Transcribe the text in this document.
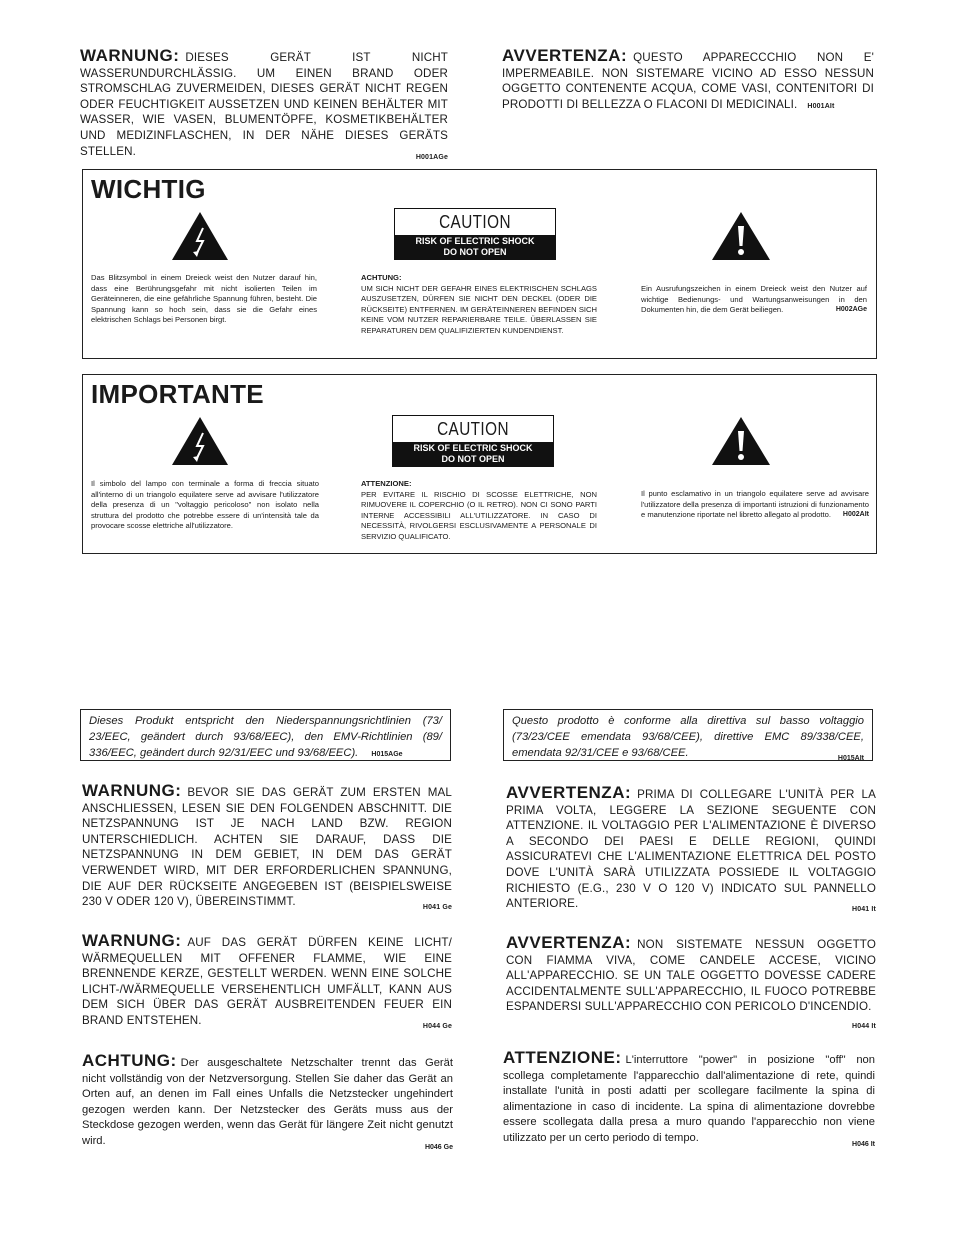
WARNUNG: DIESES GERÄT IST NICHT WASSERUNDURCHLÄSSIG. UM EINEN BRAND ODER STROMSCHLAG ZUVERMEIDEN, DIESES GERÄT NICHT REGEN ODER FEUCHTIGKEIT AUSSETZEN UND KEINEN BEHÄLTER MIT WASSER, WIE VASEN, BLUMENTÖPFE, KOSMETIKBEHÄLTER UND MEDIZINFLASCHEN, IN DER NÄHE DIESES GERÄTS STELLEN.	H001AGe
AVVERTENZA: QUESTO APPARECCCHIO NON E' IMPERMEABILE. NON SISTEMARE VICINO AD ESSO NESSUN OGGETTO CONTENENTE ACQUA, COME VASI, CONTENITORI DI PRODOTTI DI BELLEZZA O FLACONI DI MEDICINALI. H001AIt
WICHTIG
CAUTION
RISK OF ELECTRIC SHOCK
DO NOT OPEN
Das Blitzsymbol in einem Dreieck weist den Nutzer darauf hin, dass eine Berührungsgefahr mit nicht isolierten Teilen im Geräteinneren, die eine gefährliche Spannung führen, besteht. Die Spannung kann so hoch sein, dass sie die Gefahr eines elektrischen Schlags bei Personen birgt.
ACHTUNG:
UM SICH NICHT DER GEFAHR EINES ELEKTRISCHEN SCHLAGS AUSZUSETZEN, DÜRFEN SIE NICHT DEN DECKEL (ODER DIE RÜCKSEITE) ENTFERNEN. IM GERÄTEINNEREN BEFINDEN SICH KEINE VOM NUTZER REPARIERBARE TEILE. ÜBERLASSEN SIE REPARATUREN DEM QUALIFIZIERTEN KUNDENDIENST.
Ein Ausrufungszeichen in einem Dreieck weist den Nutzer auf wichtige Bedienungs- und Wartungsanweisungen in den Dokumenten hin, die dem Gerät beiliegen.	H002AGe
IMPORTANTE
CAUTION
RISK OF ELECTRIC SHOCK
DO NOT OPEN
Il simbolo del lampo con terminale a forma di freccia situato all'interno di un triangolo equilatere serve ad avvisare l'utilizzatore della presenza di un "voltaggio pericoloso" non isolato nella struttura del prodotto che potrebbe essere di un'intensità tale da provocare scosse elettriche all'utilizzatore.
ATTENZIONE:
PER EVITARE IL RISCHIO DI SCOSSE ELETTRICHE, NON RIMUOVERE IL COPERCHIO (O IL RETRO). NON CI SONO PARTI INTERNE ACCESSIBILI ALL'UTILIZZATORE. IN CASO DI NECESSITÀ, RIVOLGERSI ESCLUSIVAMENTE A PERSONALE DI SERVIZIO QUALIFICATO.
Il punto esclamativo in un triangolo equilatere serve ad avvisare l'utilizzatore della presenza di importanti istruzioni di funzionamento e manutenzione riportate nel libretto allegato al prodotto. H002AIt
Dieses Produkt entspricht den Niederspannungsrichtlinien (73/ 23/EEC, geändert durch 93/68/EEC), den EMV-Richtlinien (89/ 336/EEC, geändert durch 92/31/EEC und 93/68/EEC). H015AGe
Questo prodotto è conforme alla direttiva sul basso voltaggio (73/23/CEE emendata 93/68/CEE), direttive EMC 89/338/CEE, emendata 92/31/CEE e 93/68/CEE.	H015AIt
WARNUNG: BEVOR SIE DAS GERÄT ZUM ERSTEN MAL ANSCHLIESSEN, LESEN SIE DEN FOLGENDEN ABSCHNITT. DIE NETZSPANNUNG IST JE NACH LAND BZW. REGION UNTERSCHIEDLICH. ACHTEN SIE DARAUF, DASS DIE NETZSPANNUNG IN DEM GEBIET, IN DEM DAS GERÄT VERWENDET WIRD, MIT DER ERFORDERLICHEN SPANNUNG, DIE AUF DER RÜCKSEITE ANGEGEBEN IST (BEISPIELSWEISE 230 V ODER 120 V), ÜBEREINSTIMMT.	H041 Ge
AVVERTENZA: PRIMA DI COLLEGARE L'UNITÀ PER LA PRIMA VOLTA, LEGGERE LA SEZIONE SEGUENTE CON ATTENZIONE. IL VOLTAGGIO PER L'ALIMENTAZIONE È DIVERSO A SECONDO DEI PAESI E DELLE REGIONI, QUINDI ASSICURATEVI CHE L'ALIMENTAZIONE ELETTRICA DEL POSTO DOVE L'UNITÀ SARÀ UTILIZZATA POSSIEDE IL VOLTAGGIO RICHIESTO (E.G., 230 V O 120 V) INDICATO SUL PANNELLO ANTERIORE.	H041 It
WARNUNG: AUF DAS GERÄT DÜRFEN KEINE LICHT/ WÄRMEQUELLEN MIT OFFENER FLAMME, WIE EINE BRENNENDE KERZE, GESTELLT WERDEN. WENN EINE SOLCHE LICHT-/WÄRMEQUELLE VERSEHENTLICH UMFÄLLT, KANN AUS DEM SICH ÜBER DAS GERÄT AUSBREITENDEN FEUER EIN BRAND ENTSTEHEN.	H044 Ge
AVVERTENZA: NON SISTEMATE NESSUN OGGETTO CON FIAMMA VIVA, COME CANDELE ACCESE, VICINO ALL'APPARECCHIO. SE UN TALE OGGETTO DOVESSE CADERE ACCIDENTALMENTE SULL'APPARECCHIO, IL FUOCO POTREBBE ESPANDERSI SULL'APPARECCHIO CON PERICOLO D'INCENDIO.
H044 It
ACHTUNG: Der ausgeschaltete Netzschalter trennt das Gerät nicht vollständig von der Netzversorgung. Stellen Sie daher das Gerät an Orten auf, an denen im Fall eines Unfalls die Netzstecker ungehindert gezogen werden kann. Der Netzstecker des Geräts muss aus der Steckdose gezogen werden, wenn das Gerät für längere Zeit nicht genutzt wird.
H046 Ge
ATTENZIONE: L'interruttore "power" in posizione "off" non scollega completamente l'apparecchio dall'alimentazione di rete, quindi installate l'unità in posti adatti per scollegare facilmente la spina di alimentazione in caso di incidente. La spina di alimentazione dovrebbe essere scollegata dalla presa a muro quando l'apparecchio non viene utilizzato per un certo periodo di tempo.
H046 It
